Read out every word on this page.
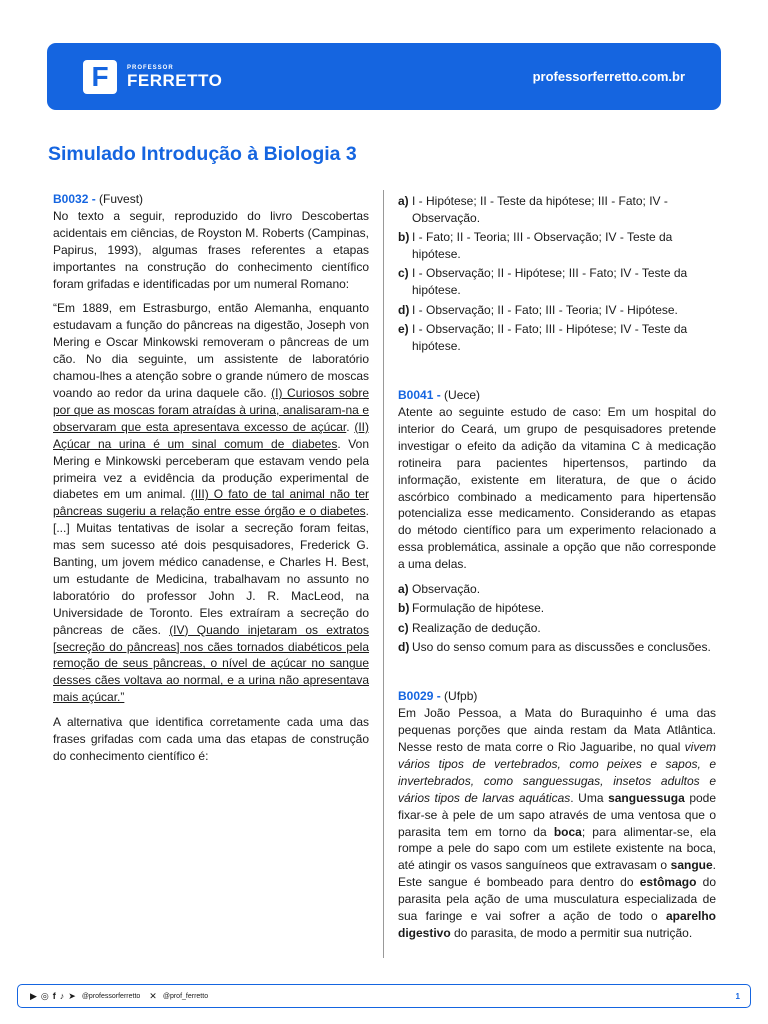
F	PROFESSOR
FERRETTO	professorferretto.com.br
Simulado Introdução à Biologia 3
B0032 - (Fuvest)

No texto a seguir, reproduzido do livro Descobertas acidentais em ciências, de Royston M. Roberts (Campinas, Papirus, 1993), algumas frases referentes a etapas importantes na construção do conhecimento científico foram grifadas e identificadas por um numeral Romano:

“Em 1889, em Estrasburgo, então Alemanha, enquanto estudavam a função do pâncreas na digestão, Joseph von Mering e Oscar Minkowski removeram o pâncreas de um cão. No dia seguinte, um assistente de laboratório chamou-lhes a atenção sobre o grande número de moscas voando ao redor da urina daquele cão. (I) Curiosos sobre por que as moscas foram atraídas à urina, analisaram-na e observaram que esta apresentava excesso de açúcar. (II) Açúcar na urina é um sinal comum de diabetes. Von Mering e Minkowski perceberam que estavam vendo pela primeira vez a evidência da produção experimental de diabetes em um animal. (III) O fato de tal animal não ter pâncreas sugeriu a relação entre esse órgão e o diabetes. [...] Muitas tentativas de isolar a secreção foram feitas, mas sem sucesso até dois pesquisadores, Frederick G. Banting, um jovem médico canadense, e Charles H. Best, um estudante de Medicina, trabalhavam no assunto no laboratório do professor John J. R. MacLeod, na Universidade de Toronto. Eles extraíram a secreção do pâncreas de cães. (IV) Quando injetaram os extratos [secreção do pâncreas] nos cães tornados diabéticos pela remoção de seus pâncreas, o nível de açúcar no sangue desses cães voltava ao normal, e a urina não apresentava mais açúcar.”

A alternativa que identifica corretamente cada uma das frases grifadas com cada uma das etapas de construção do conhecimento científico é:

a) I - Hipótese; II - Teste da hipótese; III - Fato; IV -
Observação.
b) I - Fato; II - Teoria; III - Observação; IV - Teste da
hipótese.
c) I - Observação; II - Hipótese; III - Fato; IV - Teste da
hipótese.
d) I - Observação; II - Fato; III - Teoria; IV - Hipótese.
e) I - Observação; II - Fato; III - Hipótese; IV - Teste da
hipótese.
B0041 - (Uece)

Atente ao seguinte estudo de caso: Em um hospital do interior do Ceará, um grupo de pesquisadores pretende investigar o efeito da adição da vitamina C à medicação rotineira para pacientes hipertensos, partindo da informação, existente em literatura, de que o ácido ascórbico combinado a medicamento para hipertensão potencializa esse medicamento. Considerando as etapas do método científico para um experimento relacionado a essa problemática, assinale a opção que não corresponde a uma delas.

a) Observação.
b) Formulação de hipótese.
c) Realização de dedução.
d) Uso do senso comum para as discussões e conclusões.
B0029 - (Ufpb)

Em João Pessoa, a Mata do Buraquinho é uma das pequenas porções que ainda restam da Mata Atlântica. Nesse resto de mata corre o Rio Jaguaribe, no qual vivem vários tipos de vertebrados, como peixes e sapos, e invertebrados, como sanguessugas, insetos adultos e vários tipos de larvas aquáticas. Uma sanguessuga pode fixar-se à pele de um sapo através de uma ventosa que o parasita tem em torno da boca; para alimentar-se, ela rompe a pele do sapo com um estilete existente na boca, até atingir os vasos sanguíneos que extravasam o sangue. Este sangue é bombeado para dentro do estômago do parasita pela ação de uma musculatura especializada de sua faringe e vai sofrer a ação de todo o aparelho digestivo do parasita, de modo a permitir sua nutrição.

▶ ◎ f ♪ ➤ @professorferretto ✕ @prof_ferretto	1
